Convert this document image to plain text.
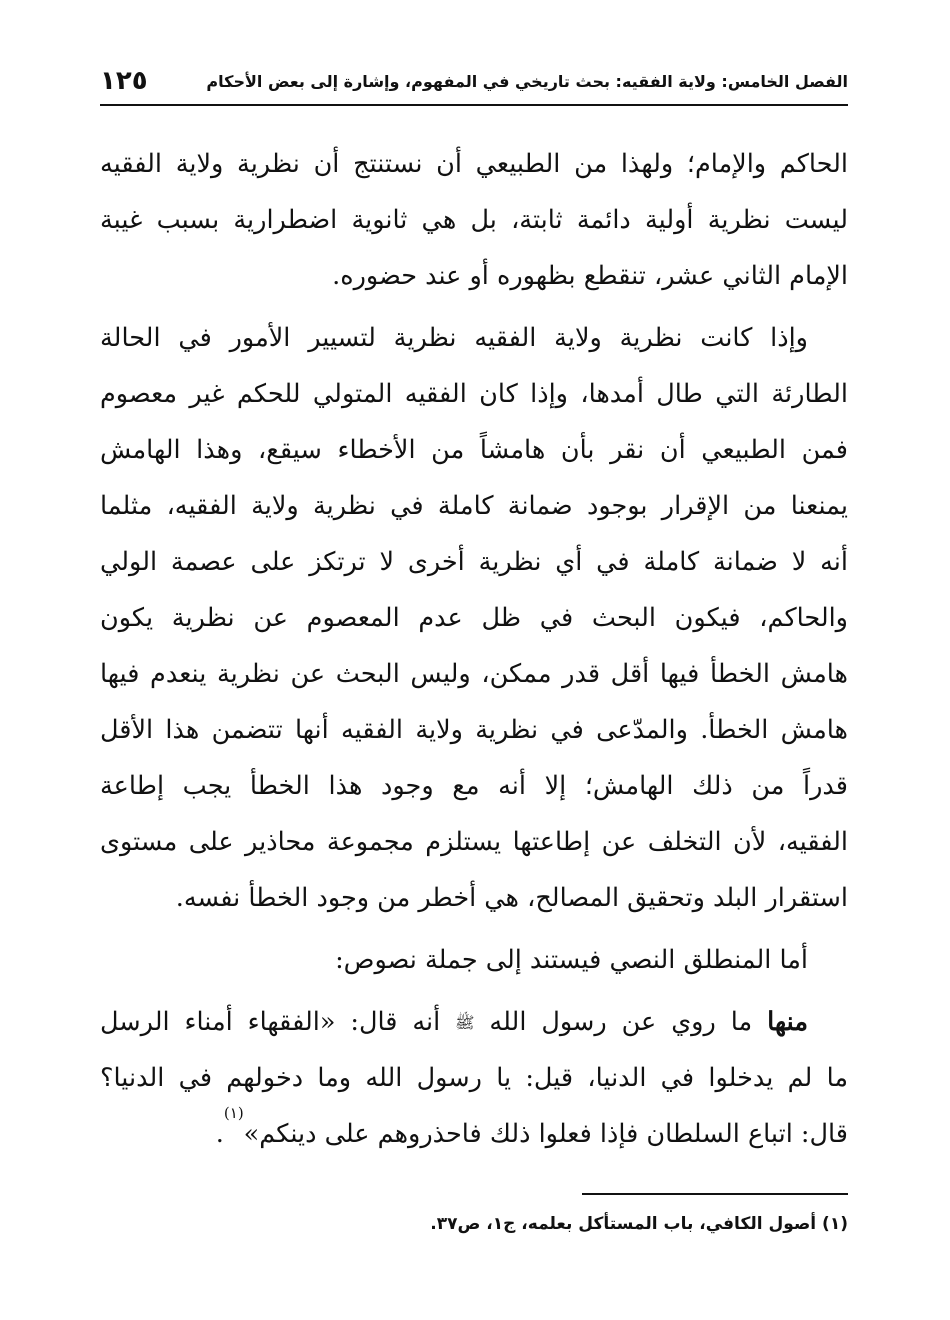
الفصل الخامس: ولاية الفقيه: بحث تاريخي في المفهوم، وإشارة إلى بعض الأحكام
١٢٥
الحاكم والإمام؛ ولهذا من الطبيعي أن نستنتج أن نظرية ولاية الفقيه
ليست نظرية أولية دائمة ثابتة، بل هي ثانوية اضطرارية بسبب غيبة
الإمام الثاني عشر، تنقطع بظهوره أو عند حضوره.
وإذا كانت نظرية ولاية الفقيه نظرية لتسيير الأمور في الحالة
الطارئة التي طال أمدها، وإذا كان الفقيه المتولي للحكم غير معصوم
فمن الطبيعي أن نقر بأن هامشاً من الأخطاء سيقع، وهذا الهامش
يمنعنا من الإقرار بوجود ضمانة كاملة في نظرية ولاية الفقيه، مثلما
أنه لا ضمانة كاملة في أي نظرية أخرى لا ترتكز على عصمة الولي
والحاكم، فيكون البحث في ظل عدم المعصوم عن نظرية يكون
هامش الخطأ فيها أقل قدر ممكن، وليس البحث عن نظرية ينعدم فيها
هامش الخطأ. والمدّعى في نظرية ولاية الفقيه أنها تتضمن هذا الأقل
قدراً من ذلك الهامش؛ إلا أنه مع وجود هذا الخطأ يجب إطاعة
الفقيه، لأن التخلف عن إطاعتها يستلزم مجموعة محاذير على مستوى
استقرار البلد وتحقيق المصالح، هي أخطر من وجود الخطأ نفسه.
أما المنطلق النصي فيستند إلى جملة نصوص:
منها ما روي عن رسول الله ﷺ أنه قال: «الفقهاء أمناء الرسل
ما لم يدخلوا في الدنيا، قيل: يا رسول الله وما دخولهم في الدنيا؟
قال: اتباع السلطان فإذا فعلوا ذلك فاحذروهم على دينكم»$^{(١)}$.
(١) أصول الكافي، باب المستأكل بعلمه، ج١، ص٣٧.
